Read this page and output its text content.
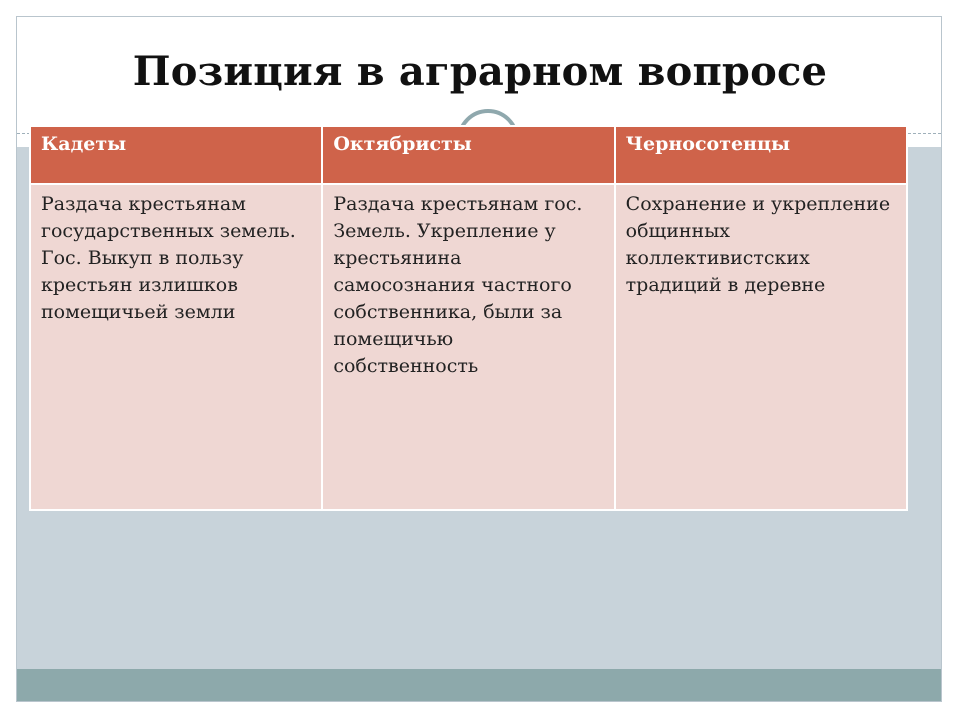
Позиция в аграрном вопросе
Кадеты	Октябристы	Черносотенцы
Раздача крестьянам государственных земель. Гос. Выкуп в пользу крестьян излишков помещичьей земли	Раздача крестьянам гос. Земель. Укрепление у крестьянина самосознания частного собственника, были за помещичью собственность	Сохранение и укрепление общинных коллективистских традиций в деревне
